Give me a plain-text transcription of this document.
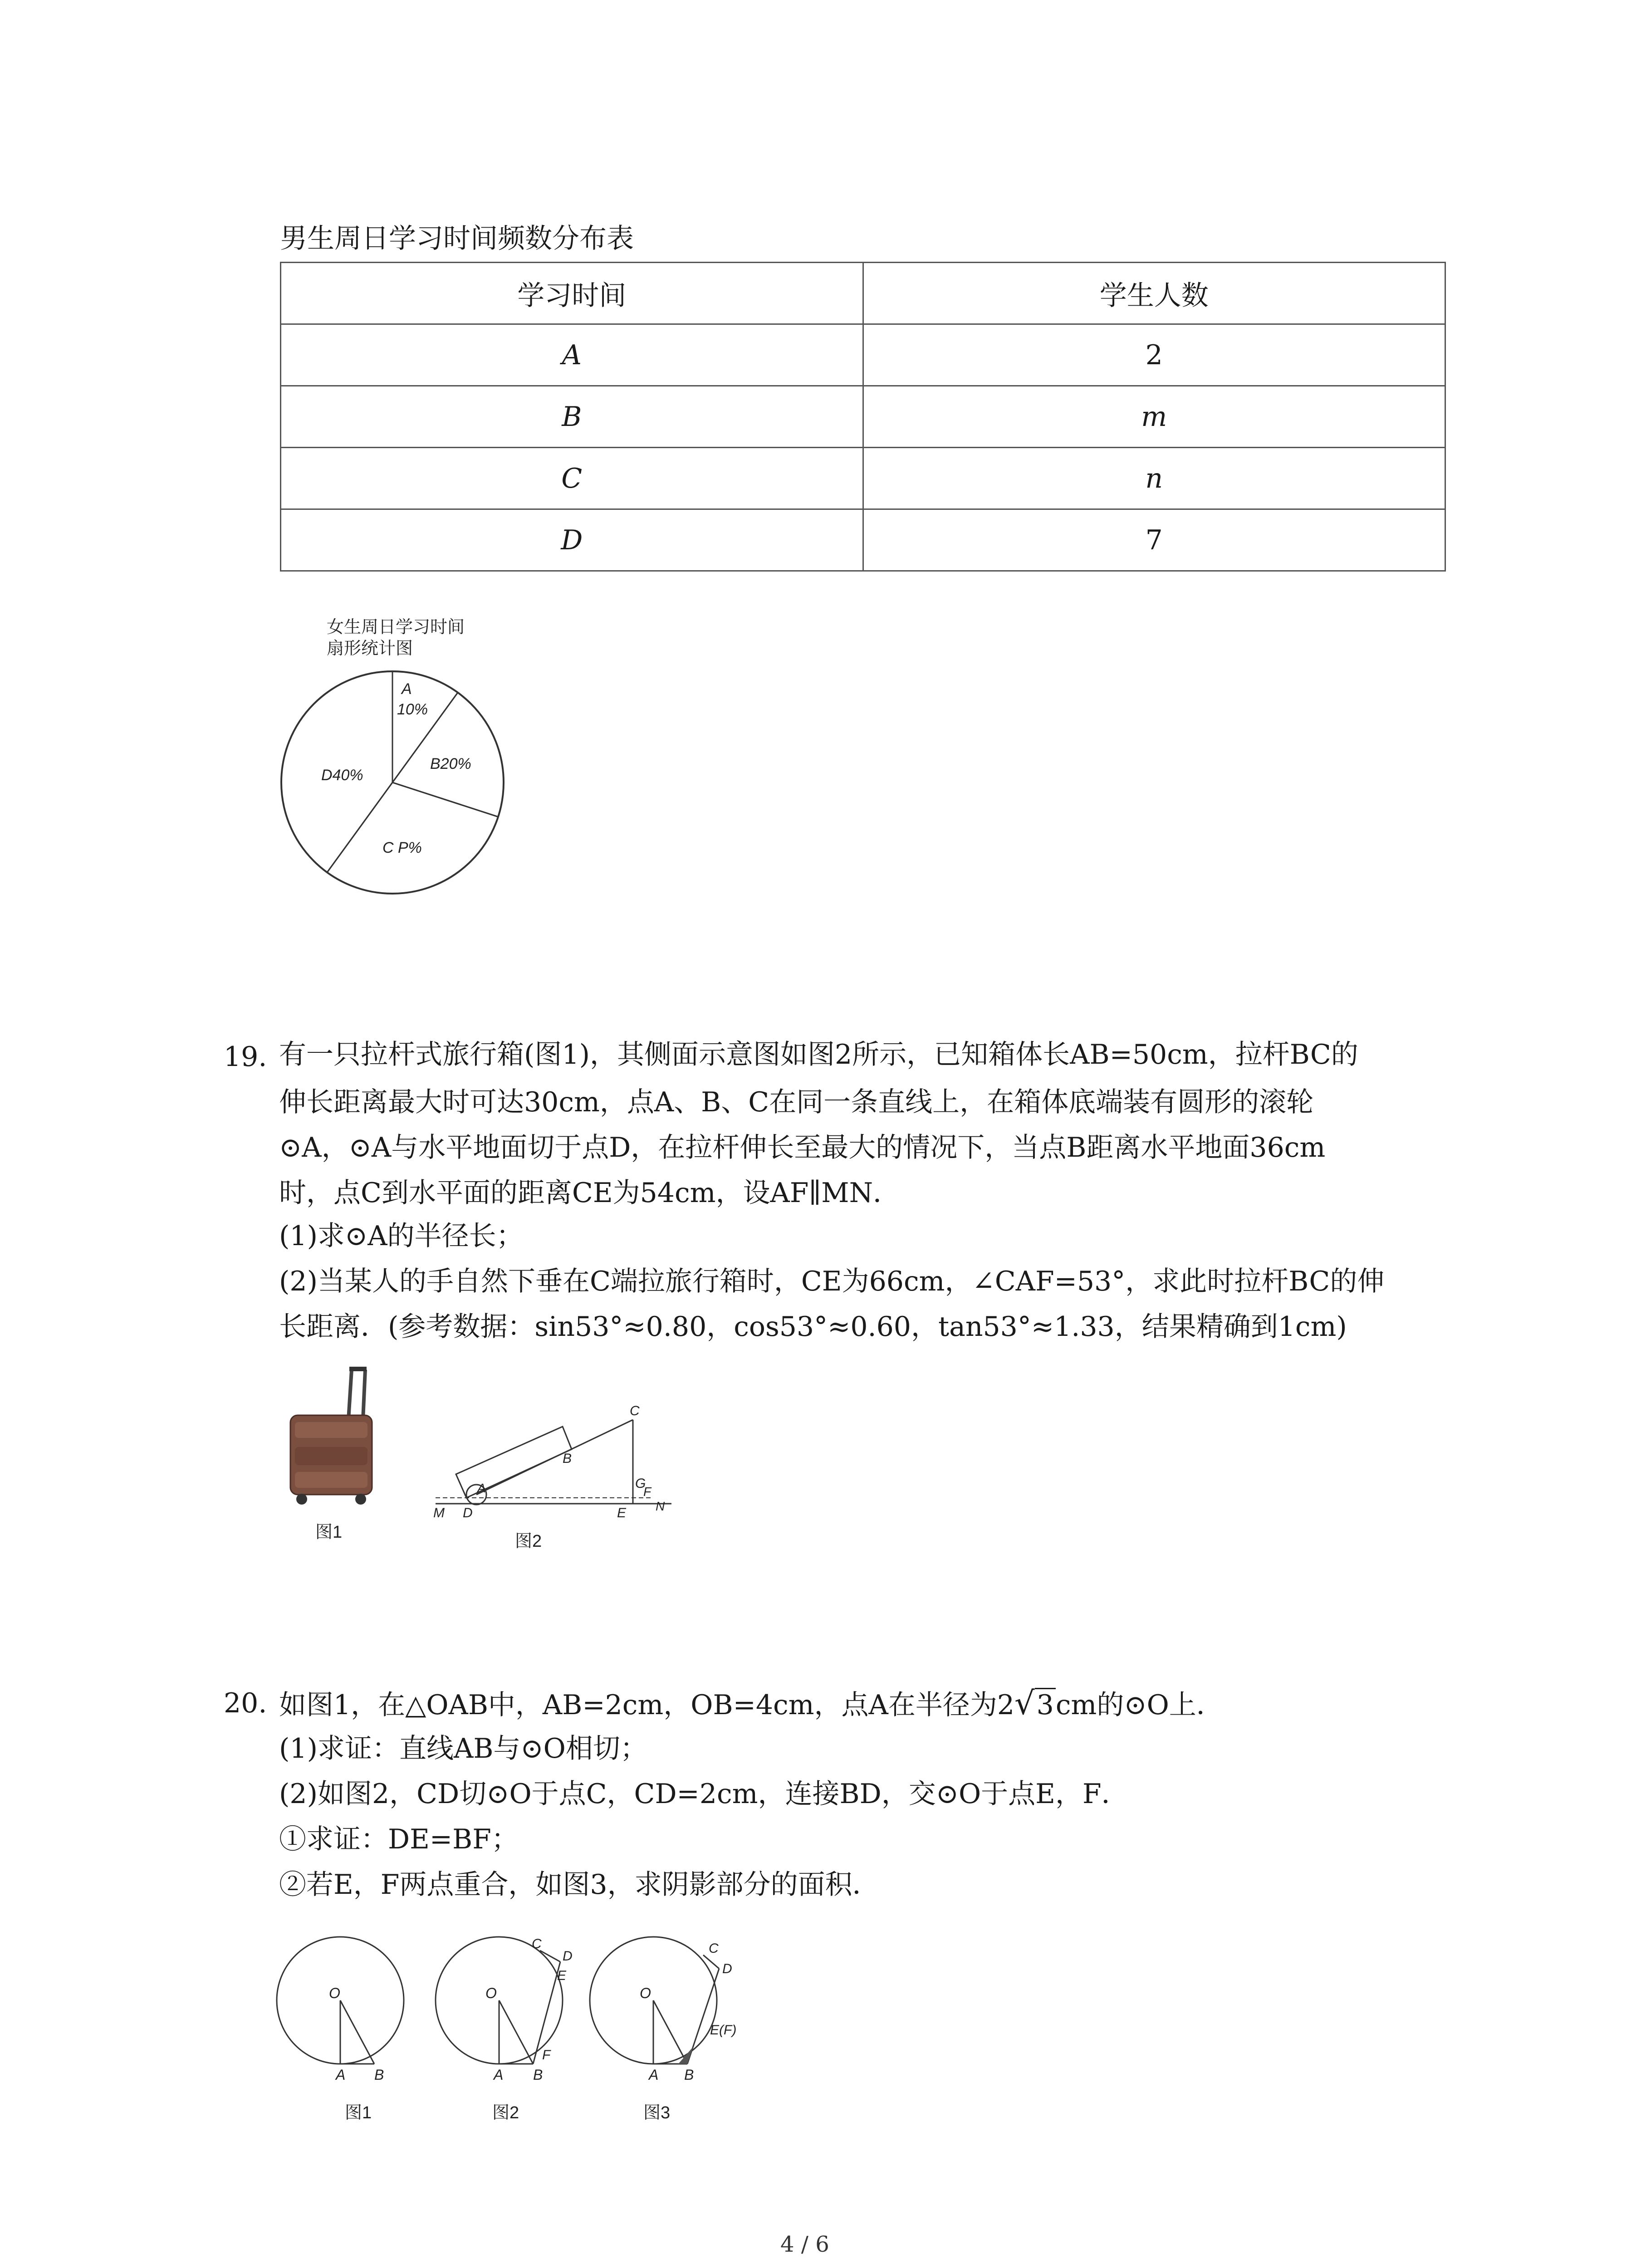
男生周日学习时间频数分布表
学习时间	学生人数
A	2
B	m
C	n
D	7
女生周日学习时间
扇形统计图
A
10%
B20%
C P%
D40%
19. 有一只拉杆式旅行箱(图1)，其侧面示意图如图2所示，已知箱体长AB=50cm，拉杆BC的
伸长距离最大时可达30cm，点A、B、C在同一条直线上，在箱体底端装有圆形的滚轮
⊙A，⊙A与水平地面切于点D，在拉杆伸长至最大的情况下，当点B距离水平地面36cm
时，点C到水平面的距离CE为54cm，设AF∥MN．
(1)求⊙A的半径长；
(2)当某人的手自然下垂在C端拉旅行箱时，CE为66cm，∠CAF=53°，求此时拉杆BC的伸
长距离．(参考数据：sin53°≈0.80，cos53°≈0.60，tan53°≈1.33，结果精确到1cm)
图1
A
B
C
G
F
N
M D	E
图2
20. 如图1，在△OAB中，AB=2cm，OB=4cm，点A在半径为2√3cm的⊙O上．
(1)求证：直线AB与⊙O相切；
(2)如图2，CD切⊙O于点C，CD=2cm，连接BD，交⊙O于点E，F．
①求证：DE=BF；
②若E，F两点重合，如图3，求阴影部分的面积．
O
A B
图1
O
C
D
E
F
A B
图2
O
C
D
E(F)
A B
图3
4 / 6
